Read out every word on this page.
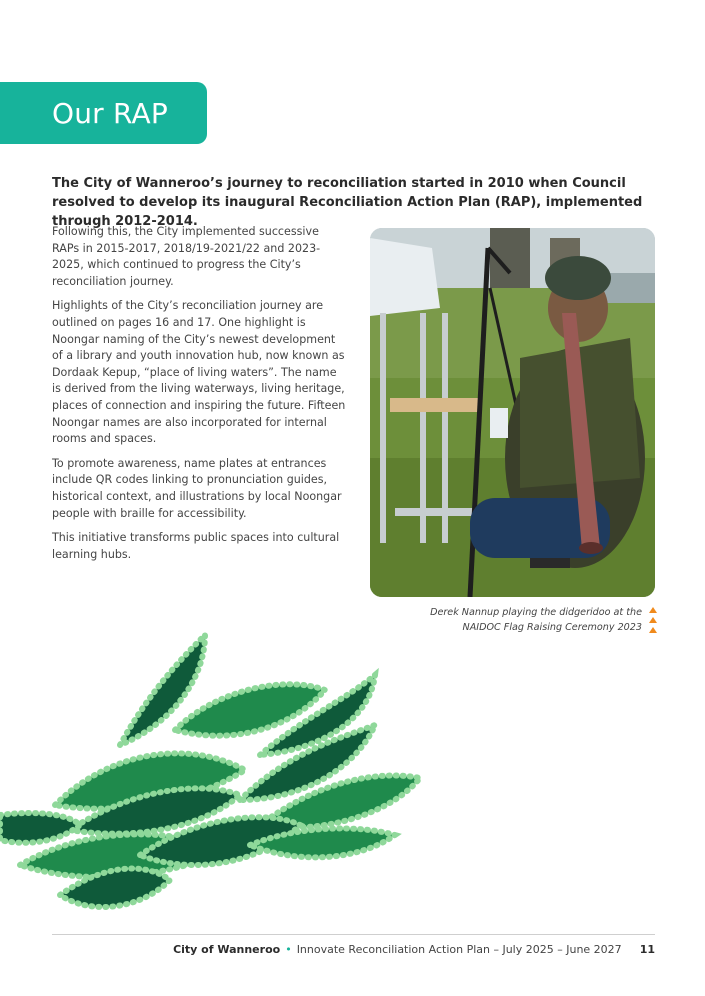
Our RAP

The City of Wanneroo’s journey to reconciliation started in 2010 when Council resolved to develop its inaugural Reconciliation Action Plan (RAP), implemented through 2012-2014.

Following this, the City implemented successive RAPs in 2015-2017, 2018/19-2021/22 and 2023-2025, which continued to progress the City’s reconciliation journey.

Highlights of the City’s reconciliation journey are outlined on pages 16 and 17. One highlight is Noongar naming of the City’s newest development of a library and youth innovation hub, now known as Dordaak Kepup, “place of living waters”. The name is derived from the living waterways, living heritage, places of connection and inspiring the future. Fifteen Noongar names are also incorporated for internal rooms and spaces.

To promote awareness, name plates at entrances include QR codes linking to pronunciation guides, historical context, and illustrations by local Noongar people with braille for accessibility.

This initiative transforms public spaces into cultural learning hubs.

Derek Nannup playing the didgeridoo at the
NAIDOC Flag Raising Ceremony 2023
City of Wanneroo • Innovate Reconciliation Action Plan – July 2025 – June 2027 11
